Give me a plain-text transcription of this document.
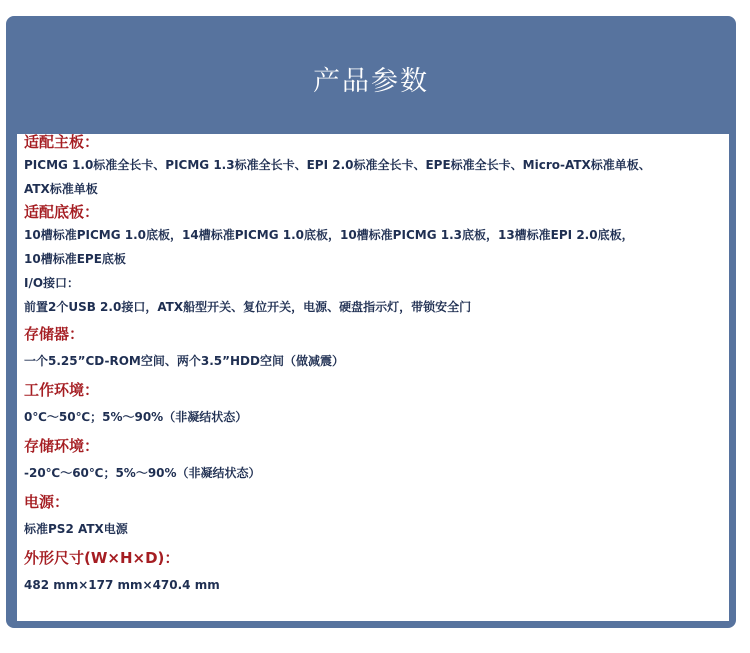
产品参数
适配主板：
PICMG 1.0标准全长卡、PICMG 1.3标准全长卡、EPI 2.0标准全长卡、EPE标准全长卡、Micro-ATX标准单板、
ATX标准单板
适配底板：
10槽标准PICMG 1.0底板，14槽标准PICMG 1.0底板，10槽标准PICMG 1.3底板，13槽标准EPI 2.0底板，
10槽标准EPE底板
I/O接口：
前置2个USB 2.0接口，ATX船型开关、复位开关，电源、硬盘指示灯，带锁安全门
存储器：
一个5.25”CD-ROM空间、两个3.5”HDD空间（做减震）
工作环境：
0℃～50℃；5%～90%（非凝结状态）
存储环境：
-20℃～60℃；5%～90%（非凝结状态）
电源：
标准PS2 ATX电源
外形尺寸(W×H×D)：
482 mm×177 mm×470.4 mm
